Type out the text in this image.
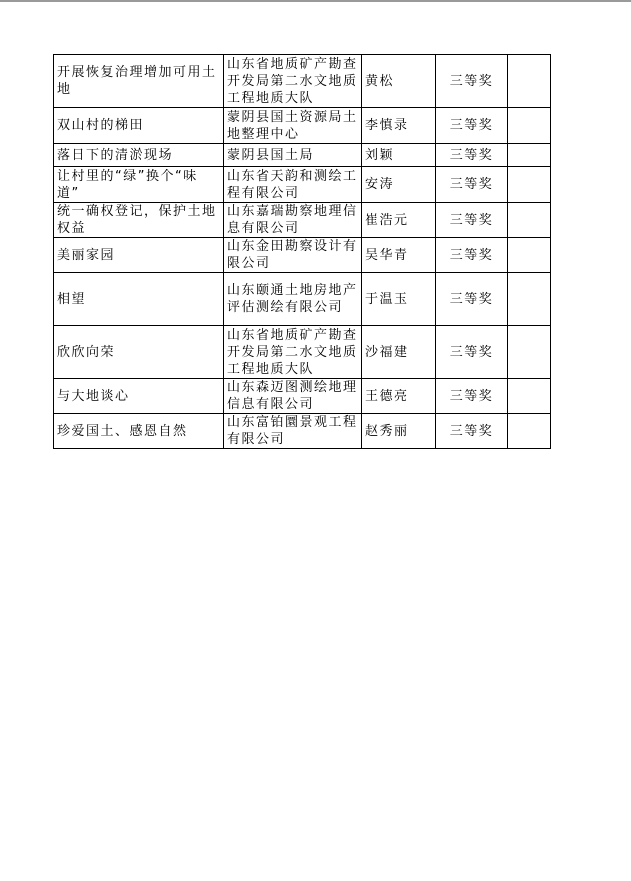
开展恢复治理增加可用土地	山东省地质矿产勘查开发局第二水文地质工程地质大队	黄松	三等奖	
双山村的梯田	蒙阴县国土资源局土地整理中心	李慎录	三等奖	
落日下的清淤现场	蒙阴县国土局	刘颖	三等奖	
让村里的“绿”换个“味道”	山东省天韵和测绘工程有限公司	安涛	三等奖	
统一确权登记，保护土地权益	山东嘉瑞勘察地理信息有限公司	崔浩元	三等奖	
美丽家园	山东金田勘察设计有限公司	吴华青	三等奖	
相望	山东颐通土地房地产评估测绘有限公司	于温玉	三等奖	
欣欣向荣	山东省地质矿产勘查开发局第二水文地质工程地质大队	沙福建	三等奖	
与大地谈心	山东森迈图测绘地理信息有限公司	王德亮	三等奖	
珍爱国土、感恩自然	山东富铂圜景观工程有限公司	赵秀丽	三等奖	
